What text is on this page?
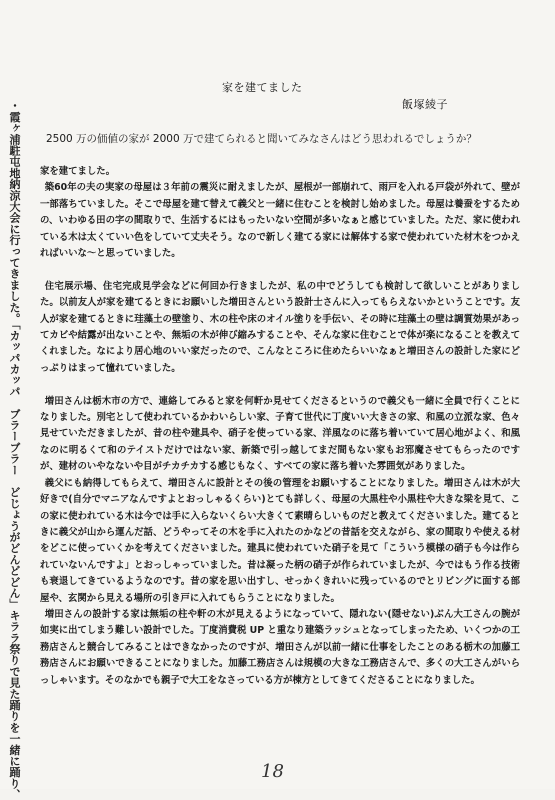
・霞ヶ浦駐屯地納涼大会に行ってきました。「カッパカッパ　ブラーブラー　どじょうがどんどどん」キララ祭りで見た踊りを一緒に踊り、
家を建てました
飯塚綾子
2500 万の価値の家が 2000 万で建てられると聞いてみなさんはどう思われるでしょうか？

家を建てました。

築60年の夫の実家の母屋は３年前の震災に耐えましたが、屋根が一部崩れて、雨戸を入れる戸袋が外れて、壁が一部落ちていました。そこで母屋を建て替えて義父と一緒に住むことを検討し始めました。母屋は養蚕をするための、いわゆる田の字の間取りで、生活するにはもったいない空間が多いなぁと感じていました。ただ、家に使われている木は太くていい色をしていて丈夫そう。なので新しく建てる家には解体する家で使われていた材木をつかえればいいな～と思っていました。

住宅展示場、住宅完成見学会などに何回か行きましたが、私の中でどうしても検討して欲しいことがありました。以前友人が家を建てるときにお願いした増田さんという設計士さんに入ってもらえないかということです。友人が家を建てるときに珪藻土の壁塗り、木の柱や床のオイル塗りを手伝い、その時に珪藻土の壁は調質効果があってカビや結露が出ないことや、無垢の木が伸び縮みすることや、そんな家に住むことで体が楽になることを教えてくれました。なにより居心地のいい家だったので、こんなところに住めたらいいなぁと増田さんの設計した家にどっぷりはまって憧れていました。

増田さんは栃木市の方で、連絡してみると家を何軒か見せてくださるというので義父も一緒に全員で行くことになりました。別宅として使われているかわいらしい家、子育て世代に丁度いい大きさの家、和風の立派な家、色々見せていただきましたが、昔の柱や建具や、硝子を使っている家、洋風なのに落ち着いていて居心地がよく、和風なのに明るくて和のテイストだけではない家、新築で引っ越してまだ間もない家もお邪魔させてもらったのですが、建材のいやなないや目がチカチカする感じもなく、すべての家に落ち着いた雰囲気がありました。

義父にも納得してもらえて、増田さんに設計とその後の管理をお願いすることになりました。増田さんは木が大好きで(自分でマニアなんですよとおっしゃるくらい)とても詳しく、母屋の大黒柱や小黒柱や大きな梁を見て、この家に使われている木は今では手に入らないくらい大きくて素晴らしいものだと教えてくださいました。建てるときに義父が山から運んだ話、どうやってその木を手に入れたのかなどの昔話を交えながら、家の間取りや使える材をどこに使っていくかを考えてくださいました。建具に使われていた硝子を見て「こういう模様の硝子も今は作られていないんですよ」とおっしゃっていました。昔は凝った柄の硝子が作られていましたが、今ではもう作る技術も衰退してきているようなのです。昔の家を思い出すし、せっかくきれいに残っているのでとリビングに面する部屋や、玄関から見える場所の引き戸に入れてもらうことになりました。

増田さんの設計する家は無垢の柱や軒の木が見えるようになっていて、隠れない(隠せない)ぶん大工さんの腕が如実に出てしまう難しい設計でした。丁度消費税 UP と重なり建築ラッシュとなってしまったため、いくつかの工務店さんと競合してみることはできなかったのですが、増田さんが以前一緒に仕事をしたことのある栃木の加藤工務店さんにお願いできることになりました。加藤工務店さんは規模の大きな工務店さんで、多くの大工さんがいらっしゃいます。そのなかでも親子で大工をなさっている方が棟方としてきてくださることになりました。

18
